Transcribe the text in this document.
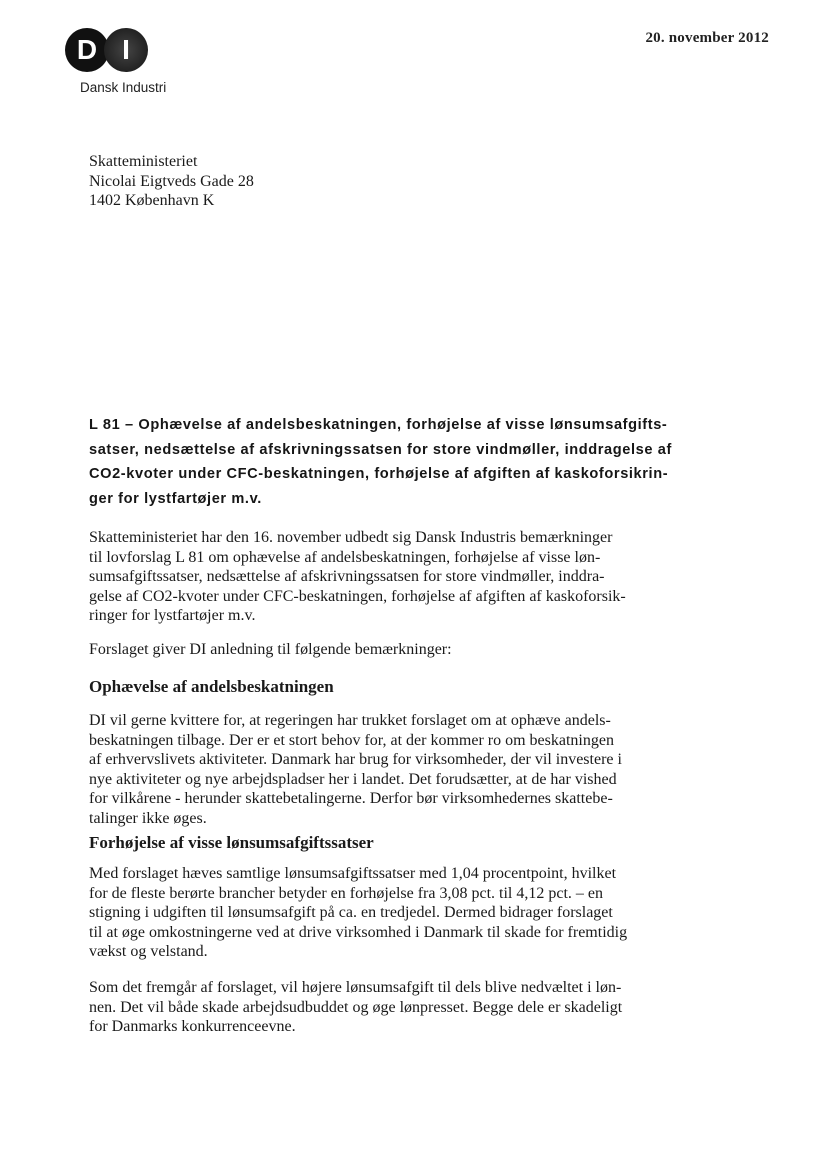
D I
Dansk Industri
20. november 2012
Skatteministeriet
Nicolai Eigtveds Gade 28
1402 København K
L 81 – Ophævelse af andelsbeskatningen, forhøjelse af visse lønsumsafgifts-
satser, nedsættelse af afskrivningssatsen for store vindmøller, inddragelse af
CO2-kvoter under CFC-beskatningen, forhøjelse af afgiften af kaskoforsikrin-
ger for lystfartøjer m.v.
Skatteministeriet har den 16. november udbedt sig Dansk Industris bemærkninger
til lovforslag L 81 om ophævelse af andelsbeskatningen, forhøjelse af visse løn-
sumsafgiftssatser, nedsættelse af afskrivningssatsen for store vindmøller, inddra-
gelse af CO2-kvoter under CFC-beskatningen, forhøjelse af afgiften af kaskoforsik-
ringer for lystfartøjer m.v.
Forslaget giver DI anledning til følgende bemærkninger:
Ophævelse af andelsbeskatningen
DI vil gerne kvittere for, at regeringen har trukket forslaget om at ophæve andels-
beskatningen tilbage. Der er et stort behov for, at der kommer ro om beskatningen
af erhvervslivets aktiviteter. Danmark har brug for virksomheder, der vil investere i
nye aktiviteter og nye arbejdspladser her i landet. Det forudsætter, at de har vished
for vilkårene - herunder skattebetalingerne. Derfor bør virksomhedernes skattebe-
talinger ikke øges.
Forhøjelse af visse lønsumsafgiftssatser
Med forslaget hæves samtlige lønsumsafgiftssatser med 1,04 procentpoint, hvilket
for de fleste berørte brancher betyder en forhøjelse fra 3,08 pct. til 4,12 pct. – en
stigning i udgiften til lønsumsafgift på ca. en tredjedel. Dermed bidrager forslaget
til at øge omkostningerne ved at drive virksomhed i Danmark til skade for fremtidig
vækst og velstand.
Som det fremgår af forslaget, vil højere lønsumsafgift til dels blive nedvæltet i løn-
nen. Det vil både skade arbejdsudbuddet og øge lønpresset. Begge dele er skadeligt
for Danmarks konkurrenceevne.
